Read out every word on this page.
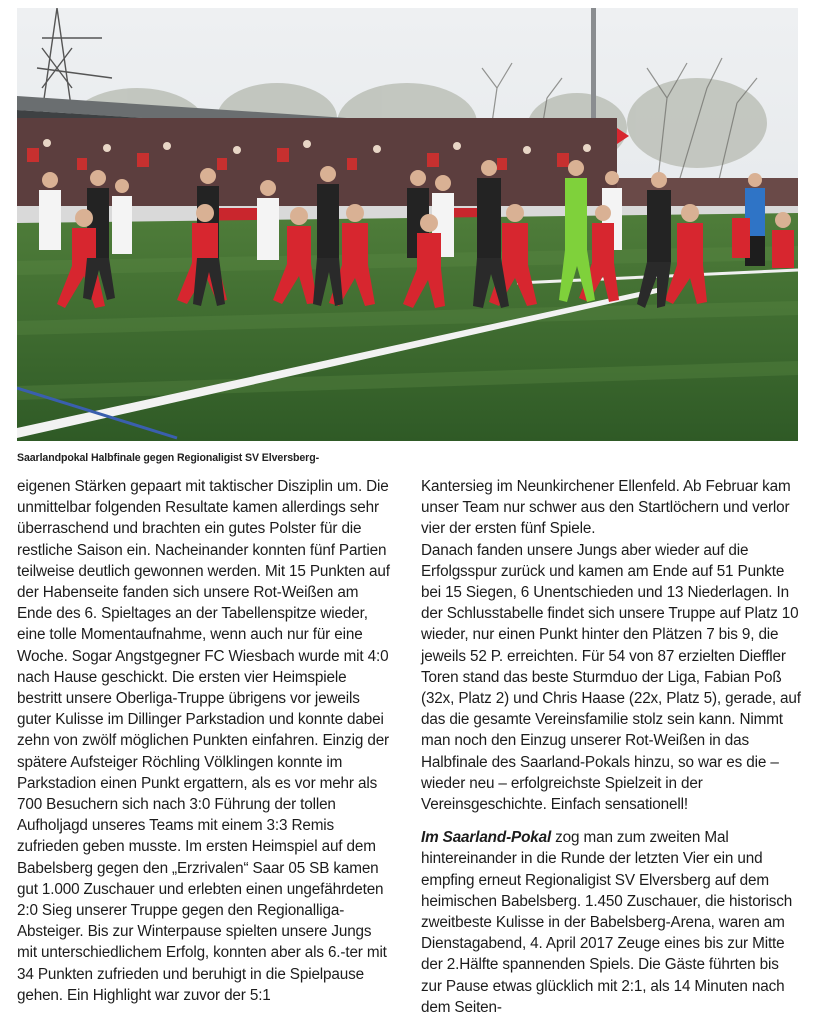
Saarlandpokal Halbfinale gegen Regionaligist SV Elversberg-

eigenen Stärken gepaart mit taktischer Disziplin um. Die unmittelbar folgenden Resultate kamen allerdings sehr überraschend und brachten ein gutes Polster für die restliche Saison ein. Nacheinander konnten fünf Partien teilweise deutlich gewonnen werden. Mit 15 Punkten auf der Habenseite fanden sich unsere Rot-Weißen am Ende des 6. Spieltages an der Tabellenspitze wieder, eine tolle Momentaufnahme, wenn auch nur für eine Woche. Sogar Angstgegner FC Wiesbach wurde mit 4:0 nach Hause geschickt. Die ersten vier Heimspiele bestritt unsere Oberliga-Truppe übrigens vor jeweils guter Kulisse im Dillinger Parkstadion und konnte dabei zehn von zwölf möglichen Punkten einfahren. Einzig der spätere Aufsteiger Röchling Völklingen konnte im Parkstadion einen Punkt ergattern, als es vor mehr als 700 Besuchern sich nach 3:0 Führung der tollen Aufholjagd unseres Teams mit einem 3:3 Remis zufrieden geben musste. Im ersten Heimspiel auf dem Babelsberg gegen den „Erzrivalen“ Saar 05 SB kamen gut 1.000 Zuschauer und erlebten einen ungefährdeten 2:0 Sieg unserer Truppe gegen den Regionalliga-Absteiger. Bis zur Winterpause spielten unsere Jungs mit unterschiedlichem Erfolg, konnten aber als 6.-ter mit 34 Punkten zufrieden und beruhigt in die Spielpause gehen. Ein Highlight war zuvor der 5:1

Kantersieg im Neunkirchener Ellenfeld. Ab Februar kam unser Team nur schwer aus den Startlöchern und verlor vier der ersten fünf Spiele.

Danach fanden unsere Jungs aber wieder auf die Erfolgsspur zurück und kamen am Ende auf 51 Punkte bei 15 Siegen, 6 Unentschieden und 13 Niederlagen. In der Schlusstabelle findet sich unsere Truppe auf Platz 10 wieder, nur einen Punkt hinter den Plätzen 7 bis 9, die jeweils 52 P. erreichten. Für 54 von 87 erzielten Dieffler Toren stand das beste Sturmduo der Liga, Fabian Poß (32x, Platz 2) und Chris Haase (22x, Platz 5), gerade, auf das die gesamte Vereinsfamilie stolz sein kann. Nimmt man noch den Einzug unserer Rot-Weißen in das Halbfinale des Saarland-Pokals hinzu, so war es die – wieder neu – erfolgreichste Spielzeit in der Vereinsgeschichte. Einfach sensationell!

Im Saarland-Pokal zog man zum zweiten Mal hintereinander in die Runde der letzten Vier ein und empfing erneut Regionaligist SV Elversberg auf dem heimischen Babelsberg. 1.450 Zuschauer, die historisch zweitbeste Kulisse in der Babelsberg-Arena, waren am Dienstagabend, 4. April 2017 Zeuge eines bis zur Mitte der 2.Hälfte spannenden Spiels. Die Gäste führten bis zur Pause etwas glücklich mit 2:1, als 14 Minuten nach dem Seiten-
